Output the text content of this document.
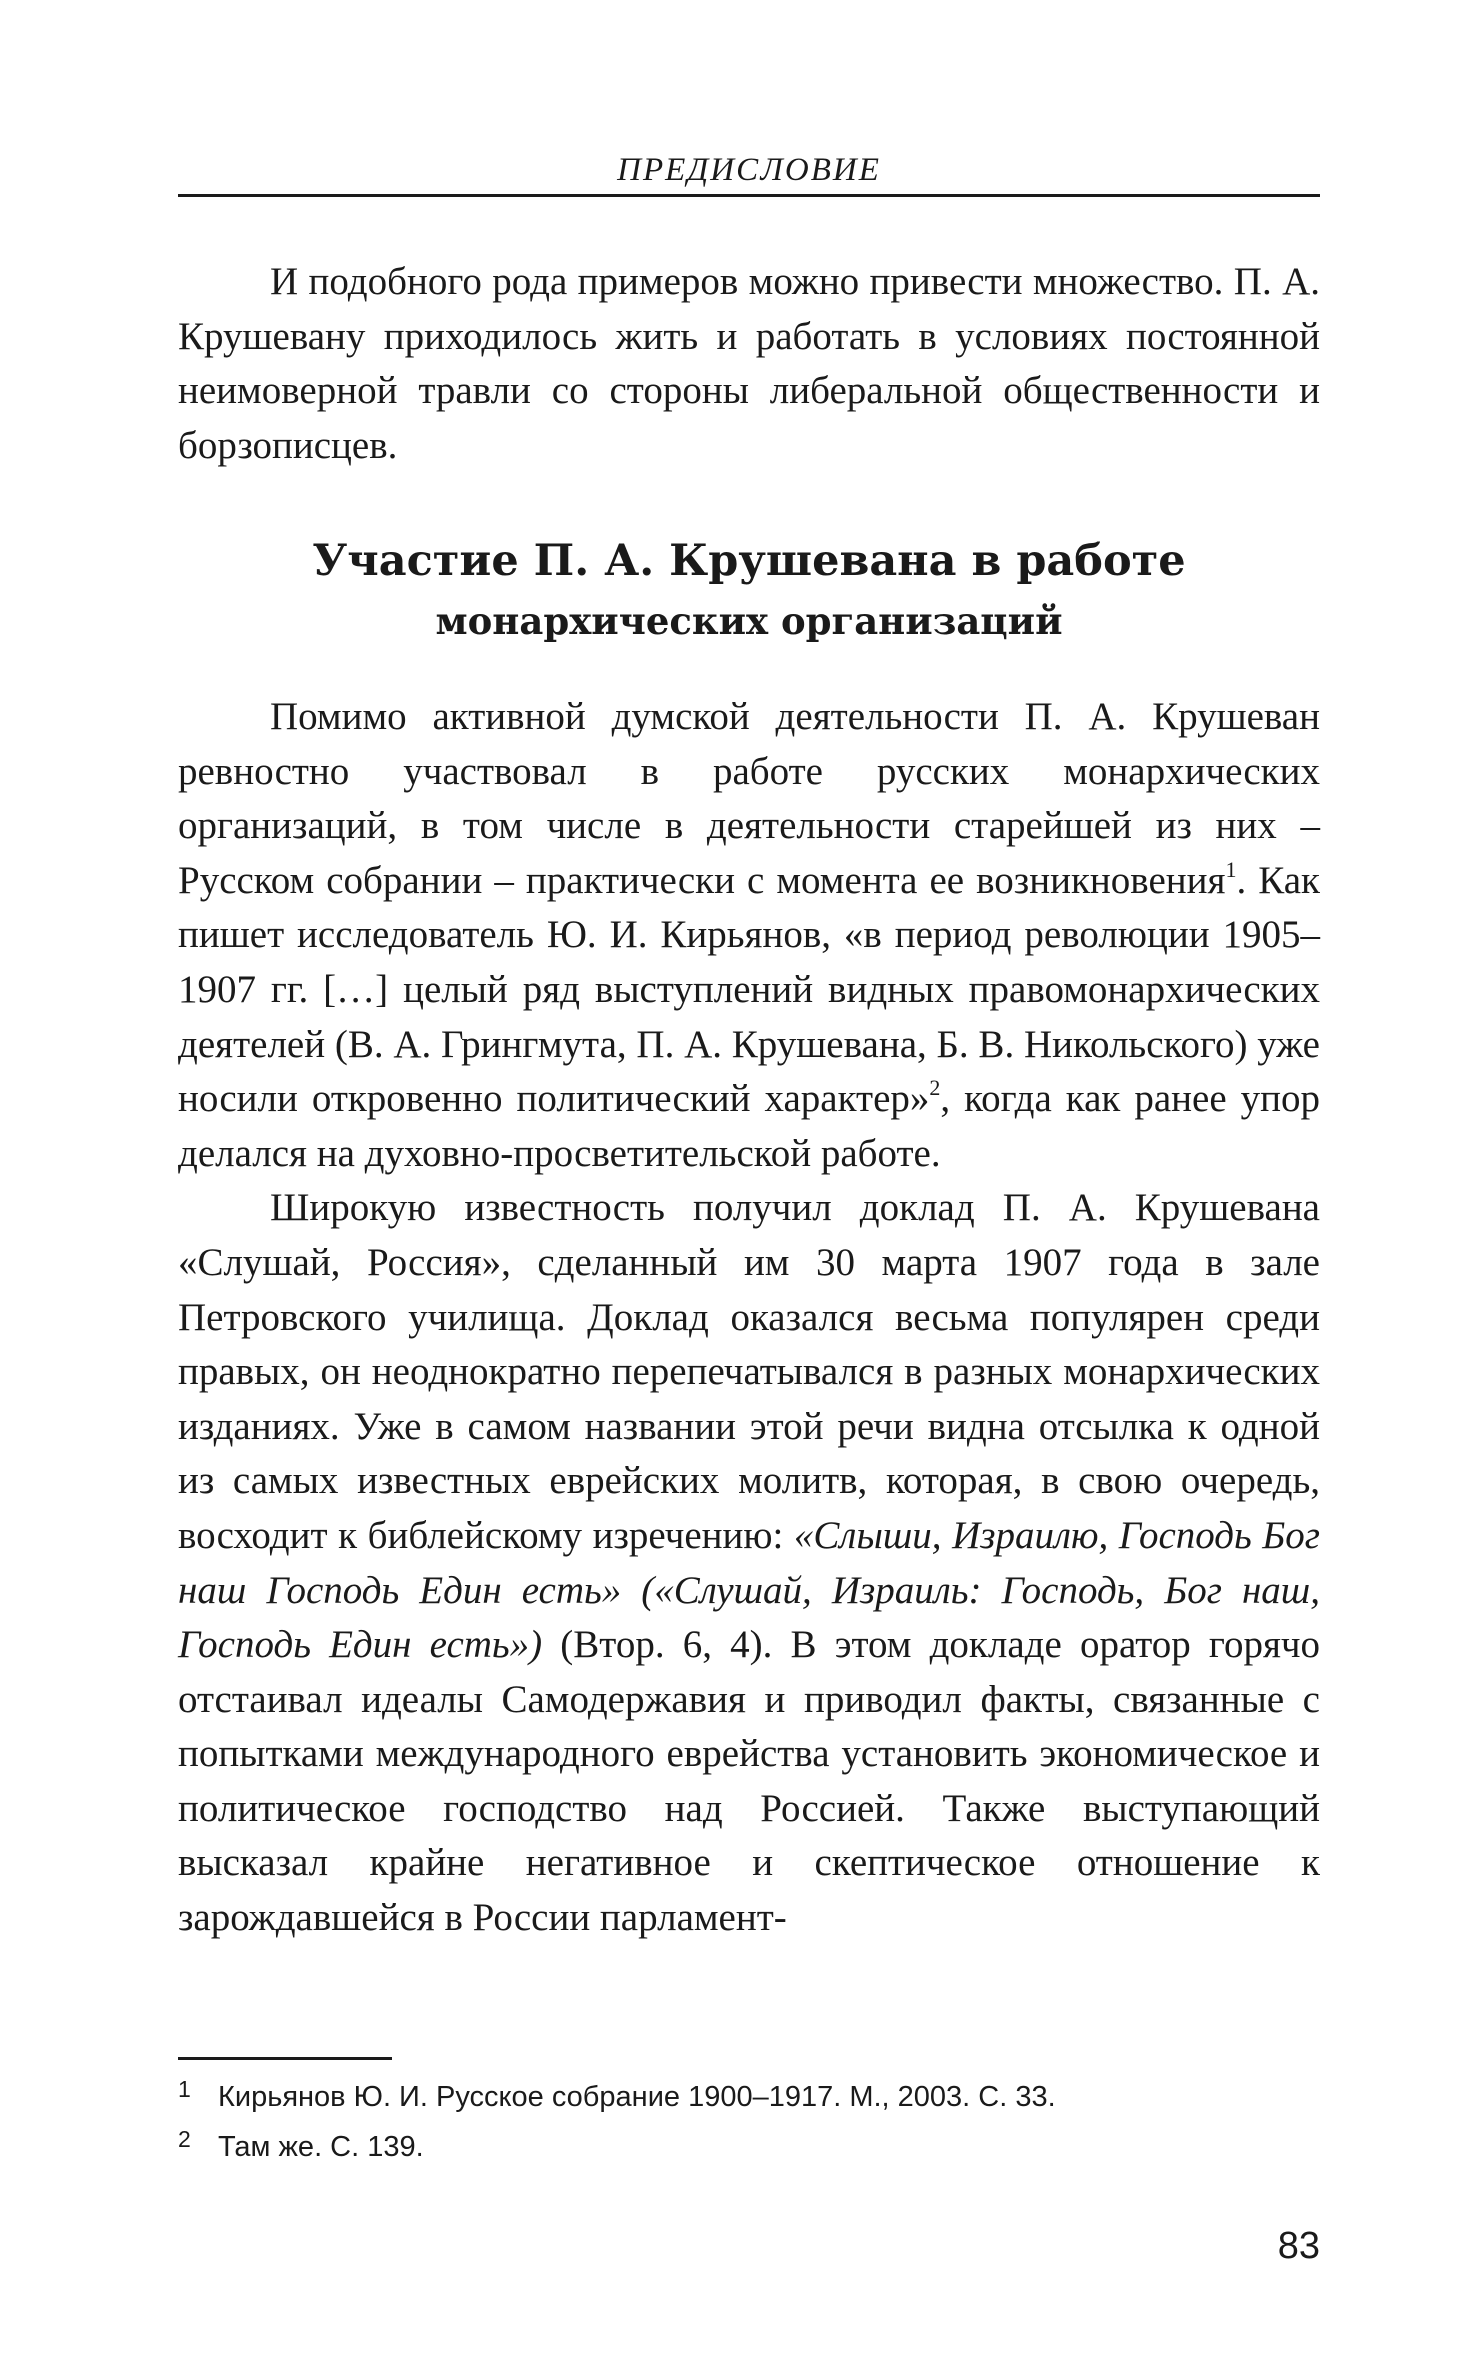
ПРЕДИСЛОВИЕ

И подобного рода примеров можно привести множество. П. А. Крушевану приходилось жить и работать в условиях постоянной неимоверной травли со стороны либеральной общественности и борзописцев.

Участие П. А. Крушевана в работе
монархических организаций

Помимо активной думской деятельности П. А. Крушеван ревностно участвовал в работе русских монархических организаций, в том числе в деятельности старейшей из них – Русском собрании – практически с момента ее возникновения$^1$. Как пишет исследователь Ю. И. Кирьянов, «в период революции 1905–1907 гг. […] целый ряд выступлений видных правомонархических деятелей (В. А. Грингмута, П. А. Крушевана, Б. В. Никольского) уже носили откровенно политический характер»$^2$, когда как ранее упор делался на духовно-просветительской работе.

Широкую известность получил доклад П. А. Крушевана «Слушай, Россия», сделанный им 30 марта 1907 года в зале Петровского училища. Доклад оказался весьма популярен среди правых, он неоднократно перепечатывался в разных монархических изданиях. Уже в самом названии этой речи видна отсылка к одной из самых известных еврейских молитв, которая, в свою очередь, восходит к библейскому изречению: «Слыши, Израилю, Господь Бог наш Господь Един есть» («Слушай, Израиль: Господь, Бог наш, Господь Един есть») (Втор. 6, 4). В этом докладе оратор горячо отстаивал идеалы Самодержавия и приводил факты, связанные с попытками международного еврейства установить экономическое и политическое господство над Россией. Также выступающий высказал крайне негативное и скептическое отношение к зарождавшейся в России парламент-

1 Кирьянов Ю. И. Русское собрание 1900–1917. М., 2003. С. 33.
2 Там же. С. 139.
83
